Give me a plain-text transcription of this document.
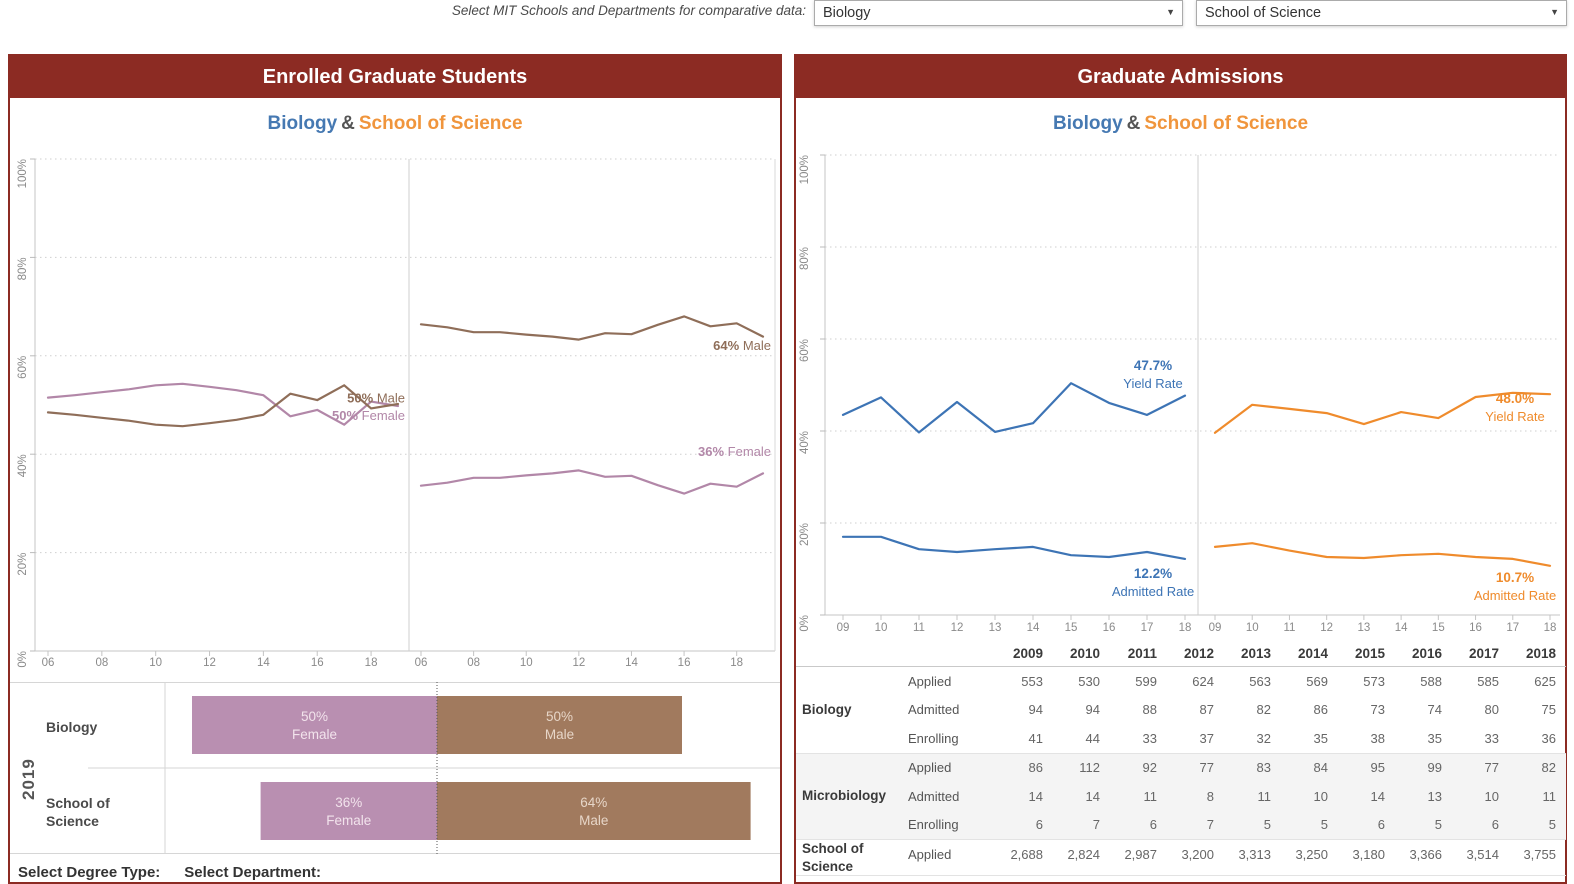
Select MIT Schools and Departments for comparative data:	Biology	▼	School of Science	▼
Enrolled Graduate Students
Biology & School of Science
0%
20%
40%
60%
80%
100%
06	08	10	12	14	16	18
50% Female
50% Male
06	08	10	12	14	16	18
64% Male
36% Female
50%
Female
50%
Male
36%
Female
64%
Male
2019
Biology
School of Science
Select Degree Type: Select Department:
Graduate Admissions
Biology & School of Science
0%
20%
40%
60%
80%
100%
09 10 11 12 13 14 15 16 17 18
47.7%
Yield Rate
12.2%
Admitted Rate
09 10 11 12 13 14 15 16 17 18
48.0%
Yield Rate
10.7%
Admitted Rate
2009	2010	2011	2012	2013	2014	2015	2016	2017	2018
Biology
Applied	553	530	599	624	563	569	573	588	585	625
Admitted	94	94	88	87	82	86	73	74	80	75
Enrolling	41	44	33	37	32	35	38	35	33	36
Microbiology
Applied	86	112	92	77	83	84	95	99	77	82
Admitted	14	14	11	8	11	10	14	13	10	11
Enrolling	6	7	6	7	5	5	6	5	6	5
School of Science
Applied	2,688	2,824	2,987	3,200	3,313	3,250	3,180	3,366	3,514	3,755
